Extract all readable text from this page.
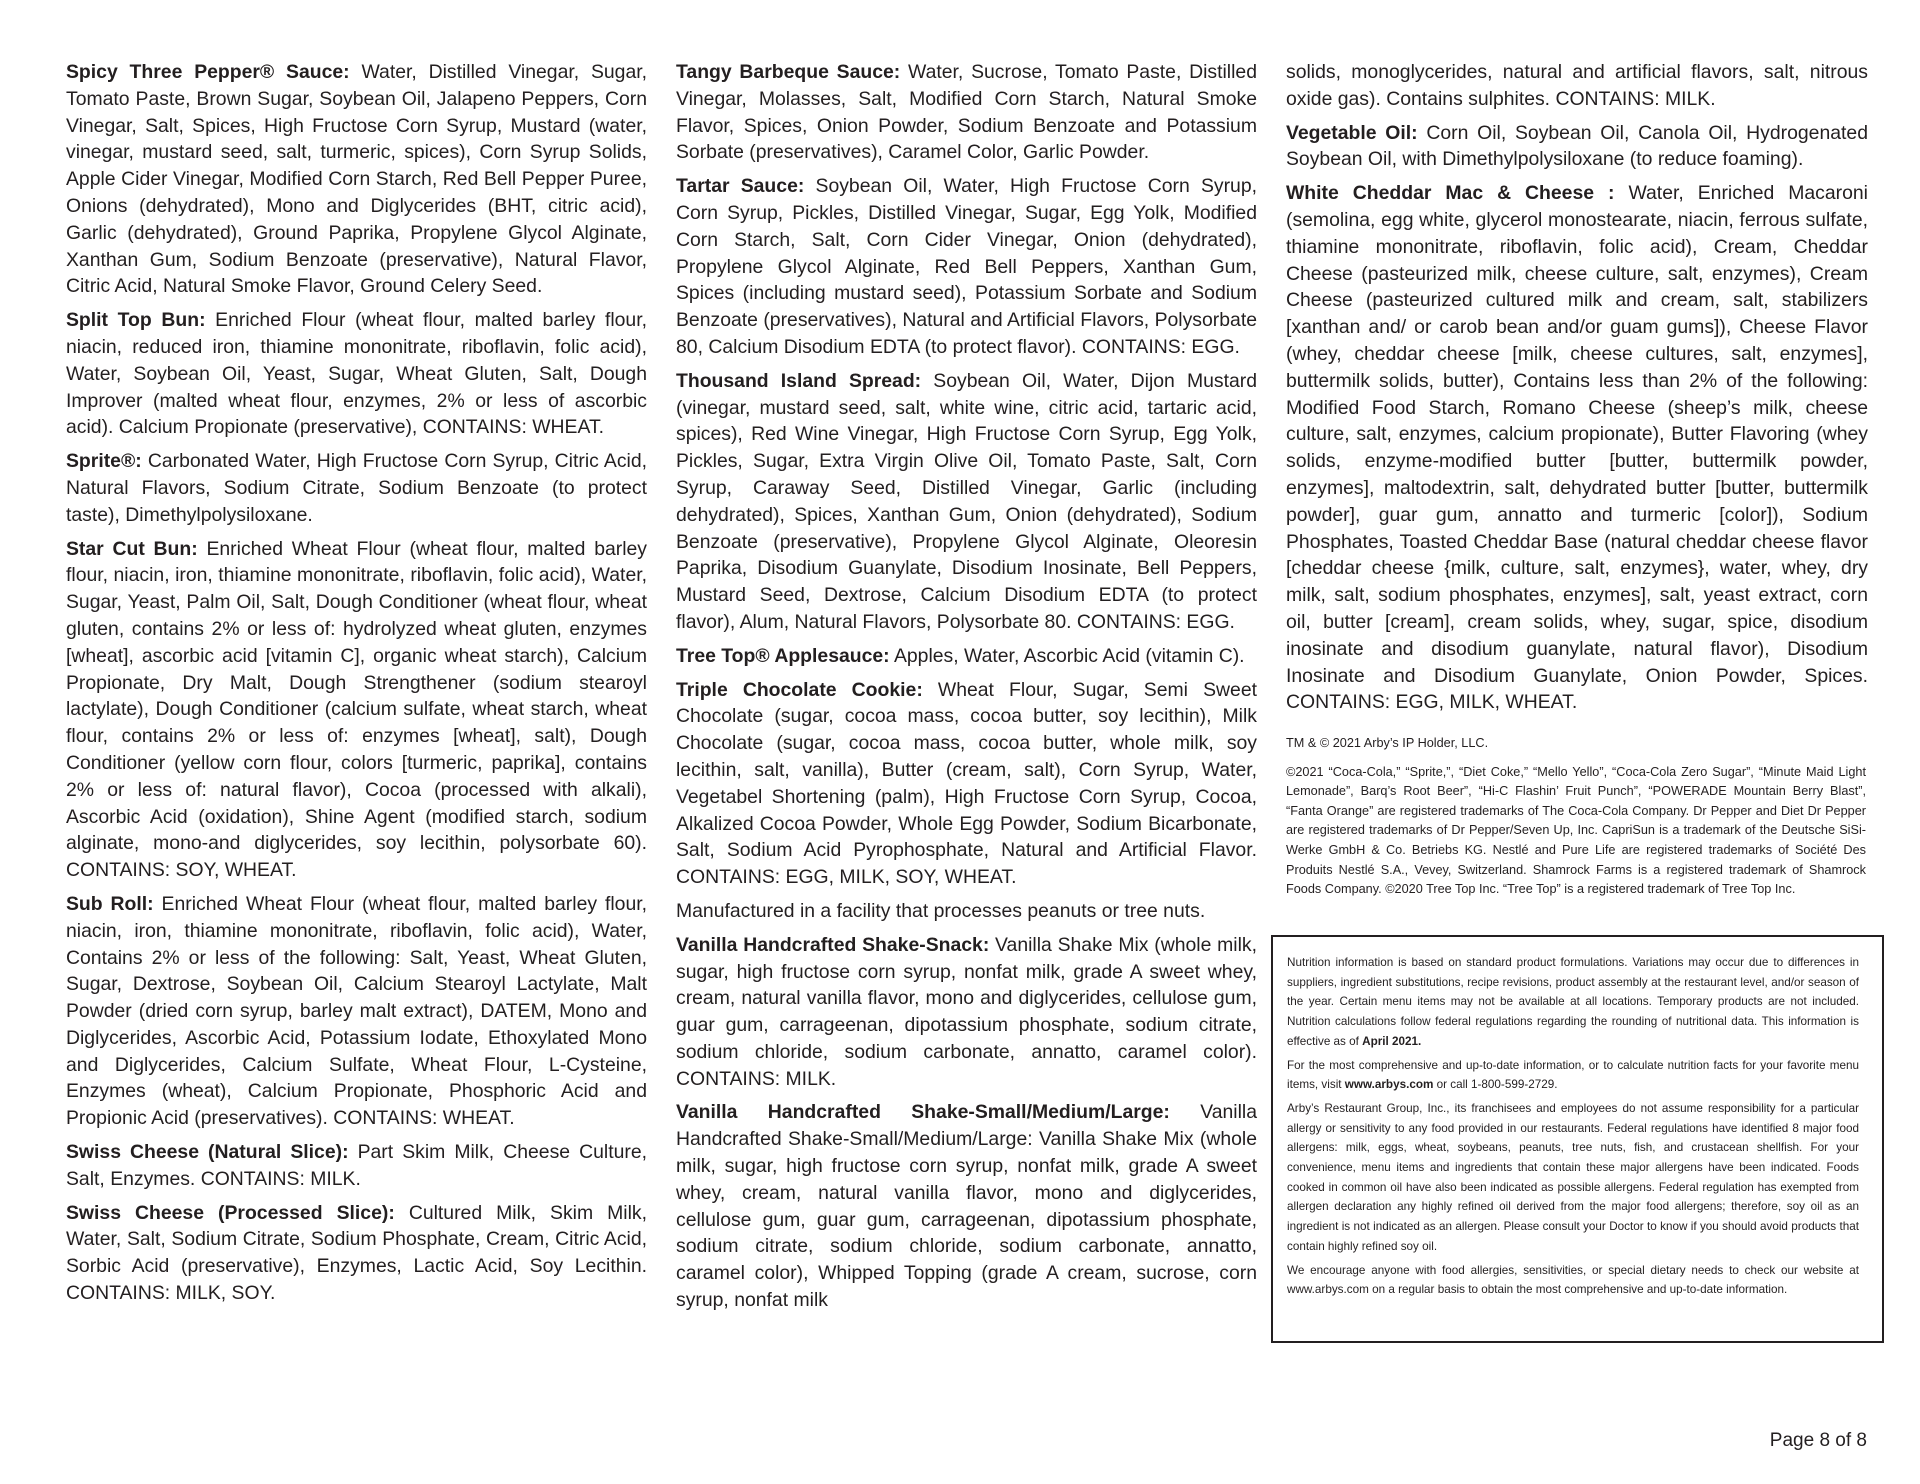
Spicy Three Pepper® Sauce: Water, Distilled Vinegar, Sugar, Tomato Paste, Brown Sugar, Soybean Oil, Jalapeno Peppers, Corn Vinegar, Salt, Spices, High Fructose Corn Syrup, Mustard (water, vinegar, mustard seed, salt, turmeric, spices), Corn Syrup Solids, Apple Cider Vinegar, Modified Corn Starch, Red Bell Pepper Puree, Onions (dehydrated), Mono and Diglycerides (BHT, citric acid), Garlic (dehydrated), Ground Paprika, Propylene Glycol Alginate, Xanthan Gum, Sodium Benzoate (preservative), Natural Flavor, Citric Acid, Natural Smoke Flavor, Ground Celery Seed.

Split Top Bun: Enriched Flour (wheat flour, malted barley flour, niacin, reduced iron, thiamine mononitrate, riboflavin, folic acid), Water, Soybean Oil, Yeast, Sugar, Wheat Gluten, Salt, Dough Improver (malted wheat flour, enzymes, 2% or less of ascorbic acid). Calcium Propionate (preservative), CONTAINS: WHEAT.

Sprite®: Carbonated Water, High Fructose Corn Syrup, Citric Acid, Natural Flavors, Sodium Citrate, Sodium Benzoate (to protect taste), Dimethylpolysiloxane.

Star Cut Bun: Enriched Wheat Flour (wheat flour, malted barley flour, niacin, iron, thiamine mononitrate, riboflavin, folic acid), Water, Sugar, Yeast, Palm Oil, Salt, Dough Conditioner (wheat flour, wheat gluten, contains 2% or less of: hydrolyzed wheat gluten, enzymes [wheat], ascorbic acid [vitamin C], organic wheat starch), Calcium Propionate, Dry Malt, Dough Strengthener (sodium stearoyl lactylate), Dough Conditioner (calcium sulfate, wheat starch, wheat flour, contains 2% or less of: enzymes [wheat], salt), Dough Conditioner (yellow corn flour, colors [turmeric, paprika], contains 2% or less of: natural flavor), Cocoa (processed with alkali), Ascorbic Acid (oxidation), Shine Agent (modified starch, sodium alginate, mono-and diglycerides, soy lecithin, polysorbate 60). CONTAINS: SOY, WHEAT.

Sub Roll: Enriched Wheat Flour (wheat flour, malted barley flour, niacin, iron, thiamine mononitrate, riboflavin, folic acid), Water, Contains 2% or less of the following: Salt, Yeast, Wheat Gluten, Sugar, Dextrose, Soybean Oil, Calcium Stearoyl Lactylate, Malt Powder (dried corn syrup, barley malt extract), DATEM, Mono and Diglycerides, Ascorbic Acid, Potassium Iodate, Ethoxylated Mono and Diglycerides, Calcium Sulfate, Wheat Flour, L-Cysteine, Enzymes (wheat), Calcium Propionate, Phosphoric Acid and Propionic Acid (preservatives). CONTAINS: WHEAT.

Swiss Cheese (Natural Slice): Part Skim Milk, Cheese Culture, Salt, Enzymes. CONTAINS: MILK.

Swiss Cheese (Processed Slice): Cultured Milk, Skim Milk, Water, Salt, Sodium Citrate, Sodium Phosphate, Cream, Citric Acid, Sorbic Acid (preservative), Enzymes, Lactic Acid, Soy Lecithin. CONTAINS: MILK, SOY.

Tangy Barbeque Sauce: Water, Sucrose, Tomato Paste, Distilled Vinegar, Molasses, Salt, Modified Corn Starch, Natural Smoke Flavor, Spices, Onion Powder, Sodium Benzoate and Potassium Sorbate (preservatives), Caramel Color, Garlic Powder.

Tartar Sauce: Soybean Oil, Water, High Fructose Corn Syrup, Corn Syrup, Pickles, Distilled Vinegar, Sugar, Egg Yolk, Modified Corn Starch, Salt, Corn Cider Vinegar, Onion (dehydrated), Propylene Glycol Alginate, Red Bell Peppers, Xanthan Gum, Spices (including mustard seed), Potassium Sorbate and Sodium Benzoate (preservatives), Natural and Artificial Flavors, Polysorbate 80, Calcium Disodium EDTA (to protect flavor). CONTAINS: EGG.

Thousand Island Spread: Soybean Oil, Water, Dijon Mustard (vinegar, mustard seed, salt, white wine, citric acid, tartaric acid, spices), Red Wine Vinegar, High Fructose Corn Syrup, Egg Yolk, Pickles, Sugar, Extra Virgin Olive Oil, Tomato Paste, Salt, Corn Syrup, Caraway Seed, Distilled Vinegar, Garlic (including dehydrated), Spices, Xanthan Gum, Onion (dehydrated), Sodium Benzoate (preservative), Propylene Glycol Alginate, Oleoresin Paprika, Disodium Guanylate, Disodium Inosinate, Bell Peppers, Mustard Seed, Dextrose, Calcium Disodium EDTA (to protect flavor), Alum, Natural Flavors, Polysorbate 80. CONTAINS: EGG.

Tree Top® Applesauce: Apples, Water, Ascorbic Acid (vitamin C).

Triple Chocolate Cookie: Wheat Flour, Sugar, Semi Sweet Chocolate (sugar, cocoa mass, cocoa butter, soy lecithin), Milk Chocolate (sugar, cocoa mass, cocoa butter, whole milk, soy lecithin, salt, vanilla), Butter (cream, salt), Corn Syrup, Water, Vegetabel Shortening (palm), High Fructose Corn Syrup, Cocoa, Alkalized Cocoa Powder, Whole Egg Powder, Sodium Bicarbonate, Salt, Sodium Acid Pyrophosphate, Natural and Artificial Flavor. CONTAINS: EGG, MILK, SOY, WHEAT.

Manufactured in a facility that processes peanuts or tree nuts.

Vanilla Handcrafted Shake-Snack: Vanilla Shake Mix (whole milk, sugar, high fructose corn syrup, nonfat milk, grade A sweet whey, cream, natural vanilla flavor, mono and diglycerides, cellulose gum, guar gum, carrageenan, dipotassium phosphate, sodium citrate, sodium chloride, sodium carbonate, annatto, caramel color). CONTAINS: MILK.

Vanilla Handcrafted Shake-Small/Medium/Large: Vanilla Handcrafted Shake-Small/Medium/Large: Vanilla Shake Mix (whole milk, sugar, high fructose corn syrup, nonfat milk, grade A sweet whey, cream, natural vanilla flavor, mono and diglycerides, cellulose gum, guar gum, carrageenan, dipotassium phosphate, sodium citrate, sodium chloride, sodium carbonate, annatto, caramel color), Whipped Topping (grade A cream, sucrose, corn syrup, nonfat milk

solids, monoglycerides, natural and artificial flavors, salt, nitrous oxide gas). Contains sulphites. CONTAINS: MILK.

Vegetable Oil: Corn Oil, Soybean Oil, Canola Oil, Hydrogenated Soybean Oil, with Dimethylpolysiloxane (to reduce foaming).

White Cheddar Mac & Cheese : Water, Enriched Macaroni (semolina, egg white, glycerol monostearate, niacin, ferrous sulfate, thiamine mononitrate, riboflavin, folic acid), Cream, Cheddar Cheese (pasteurized milk, cheese culture, salt, enzymes), Cream Cheese (pasteurized cultured milk and cream, salt, stabilizers [xanthan and/ or carob bean and/or guam gums]), Cheese Flavor (whey, cheddar cheese [milk, cheese cultures, salt, enzymes], buttermilk solids, butter), Contains less than 2% of the following: Modified Food Starch, Romano Cheese (sheep’s milk, cheese culture, salt, enzymes, calcium propionate), Butter Flavoring (whey solids, enzyme-modified butter [butter, buttermilk powder, enzymes], maltodextrin, salt, dehydrated butter [butter, buttermilk powder], guar gum, annatto and turmeric [color]), Sodium Phosphates, Toasted Cheddar Base (natural cheddar cheese flavor [cheddar cheese {milk, culture, salt, enzymes}, water, whey, dry milk, salt, sodium phosphates, enzymes], salt, yeast extract, corn oil, butter [cream], cream solids, whey, sugar, spice, disodium inosinate and disodium guanylate, natural flavor), Disodium Inosinate and Disodium Guanylate, Onion Powder, Spices. CONTAINS: EGG, MILK, WHEAT.

TM & © 2021 Arby’s IP Holder, LLC.

©2021 “Coca-Cola,” “Sprite,”, “Diet Coke,” “Mello Yello”, “Coca-Cola Zero Sugar”, “Minute Maid Light Lemonade”, Barq’s Root Beer”, “Hi-C Flashin’ Fruit Punch”, “POWERADE Mountain Berry Blast”, “Fanta Orange” are registered trademarks of The Coca-Cola Company. Dr Pepper and Diet Dr Pepper are registered trademarks of Dr Pepper/Seven Up, Inc. CapriSun is a trademark of the Deutsche SiSi-Werke GmbH & Co. Betriebs KG. Nestlé and Pure Life are registered trademarks of Société Des Produits Nestlé S.A., Vevey, Switzerland. Shamrock Farms is a registered trademark of Shamrock Foods Company. ©2020 Tree Top Inc. “Tree Top” is a registered trademark of Tree Top Inc.

Nutrition information is based on standard product formulations. Variations may occur due to differences in suppliers, ingredient substitutions, recipe revisions, product assembly at the restaurant level, and/or season of the year. Certain menu items may not be available at all locations. Temporary products are not included. Nutrition calculations follow federal regulations regarding the rounding of nutritional data. This information is effective as of April 2021.

For the most comprehensive and up-to-date information, or to calculate nutrition facts for your favorite menu items, visit www.arbys.com or call 1-800-599-2729.

Arby’s Restaurant Group, Inc., its franchisees and employees do not assume responsibility for a particular allergy or sensitivity to any food provided in our restaurants. Federal regulations have identified 8 major food allergens: milk, eggs, wheat, soybeans, peanuts, tree nuts, fish, and crustacean shellfish. For your convenience, menu items and ingredients that contain these major allergens have been indicated. Foods cooked in common oil have also been indicated as possible allergens. Federal regulation has exempted from allergen declaration any highly refined oil derived from the major food allergens; therefore, soy oil as an ingredient is not indicated as an allergen. Please consult your Doctor to know if you should avoid products that contain highly refined soy oil.

We encourage anyone with food allergies, sensitivities, or special dietary needs to check our website at www.arbys.com on a regular basis to obtain the most comprehensive and up-to-date information.

Page 8 of 8
